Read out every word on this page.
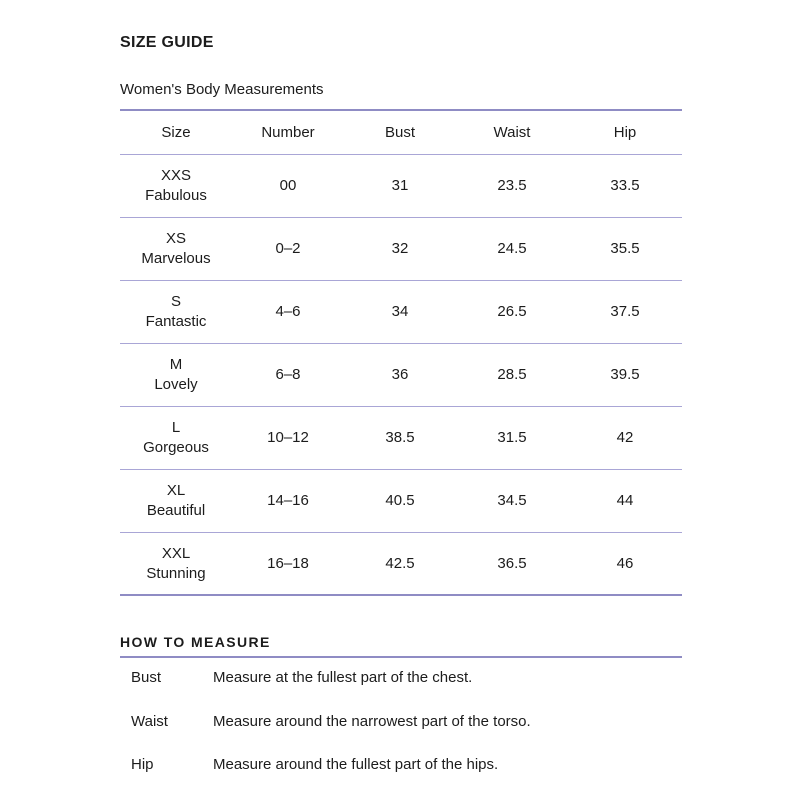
SIZE GUIDE
Women's Body Measurements
Size	Number	Bust	Waist	Hip
XXS
Fabulous
00	31	23.5	33.5
XS
Marvelous
0–2	32	24.5	35.5
S
Fantastic
4–6	34	26.5	37.5
M
Lovely
6–8	36	28.5	39.5
L
Gorgeous
10–12	38.5	31.5	42
XL
Beautiful
14–16	40.5	34.5	44
XXL
Stunning
16–18	42.5	36.5	46
HOW TO MEASURE
Bust	Measure at the fullest part of the chest.
Waist	Measure around the narrowest part of the torso.
Hip	Measure around the fullest part of the hips.
